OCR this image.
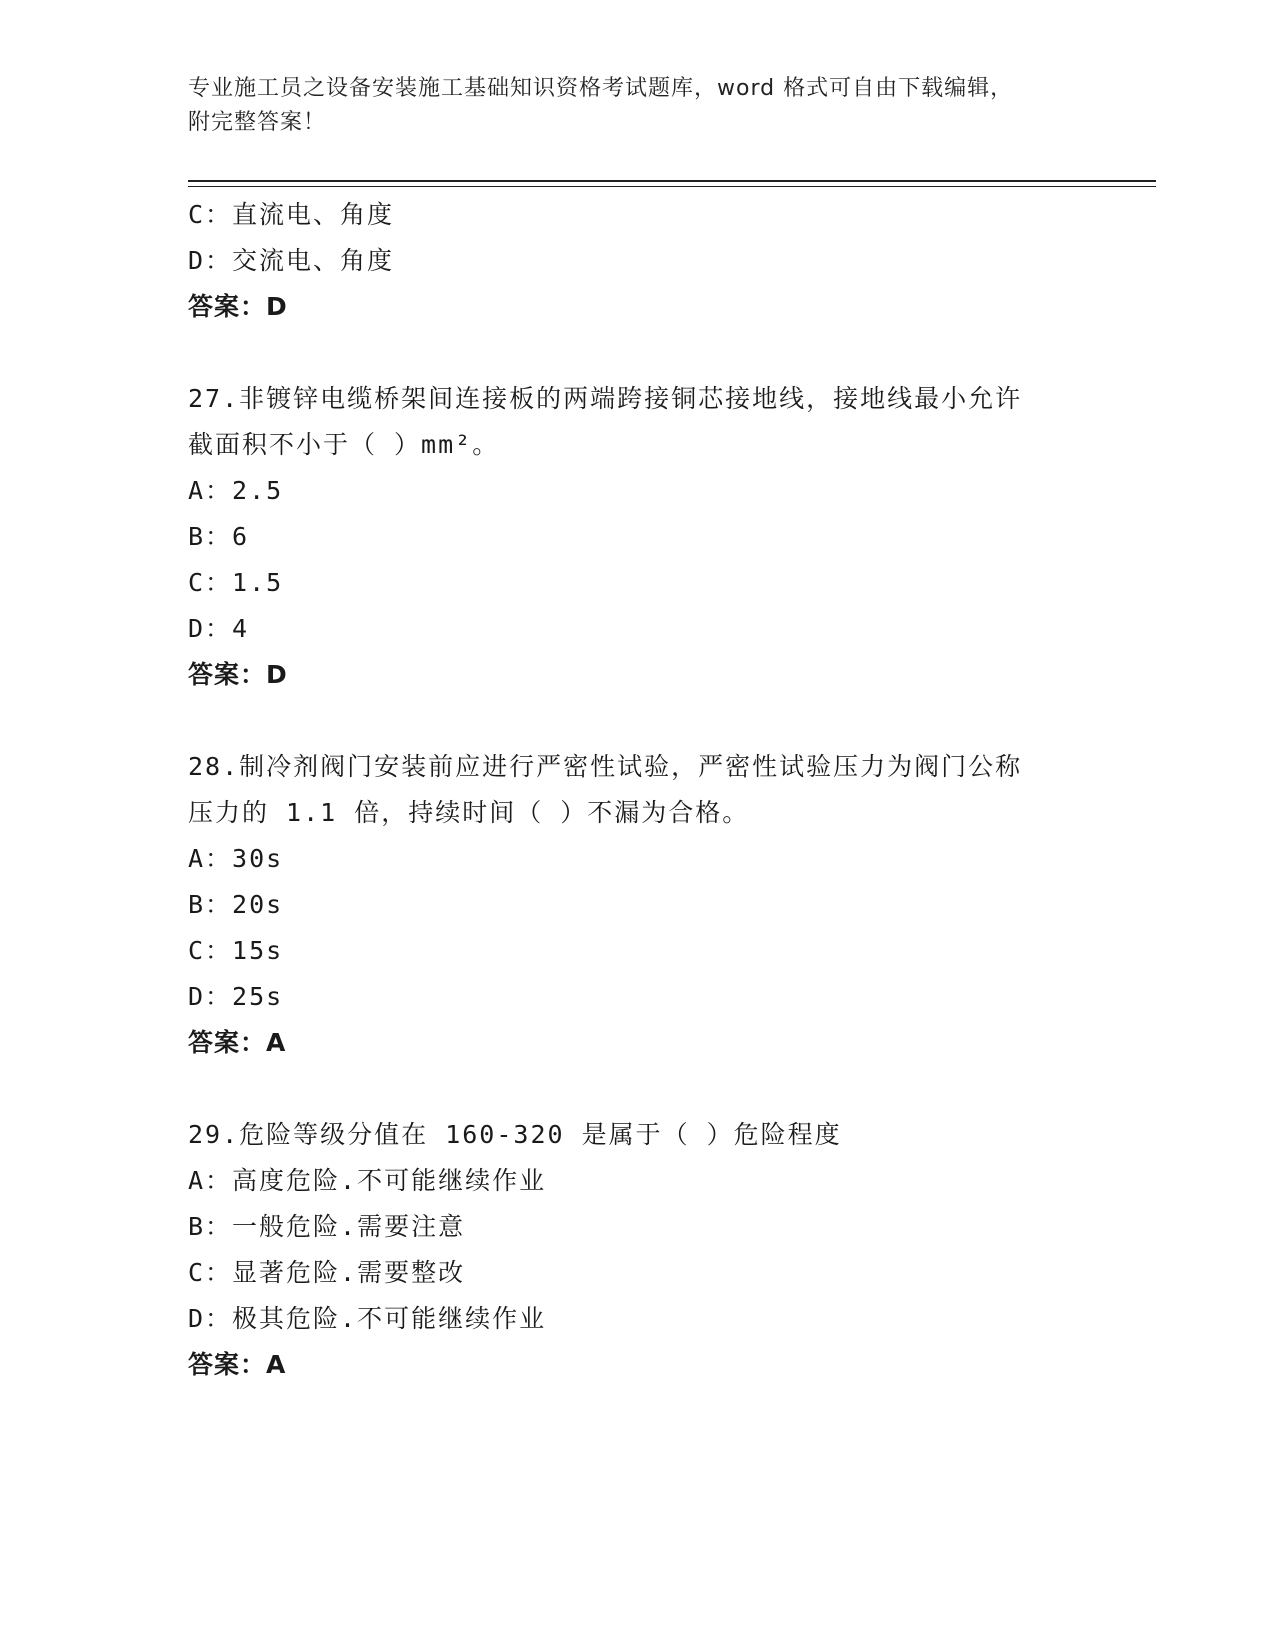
专业施工员之设备安装施工基础知识资格考试题库，word 格式可自由下载编辑，
附完整答案！
C：直流电、角度
D：交流电、角度
答案：D
27.非镀锌电缆桥架间连接板的两端跨接铜芯接地线，接地线最小允许
截面积不小于（ ）mm²。
A：2.5
B：6
C：1.5
D：4
答案：D
28.制冷剂阀门安装前应进行严密性试验，严密性试验压力为阀门公称
压力的 1.1 倍，持续时间（ ）不漏为合格。
A：30s
B：20s
C：15s
D：25s
答案：A
29.危险等级分值在 160-320 是属于（ ）危险程度
A：高度危险.不可能继续作业
B：一般危险.需要注意
C：显著危险.需要整改
D：极其危险.不可能继续作业
答案：A
